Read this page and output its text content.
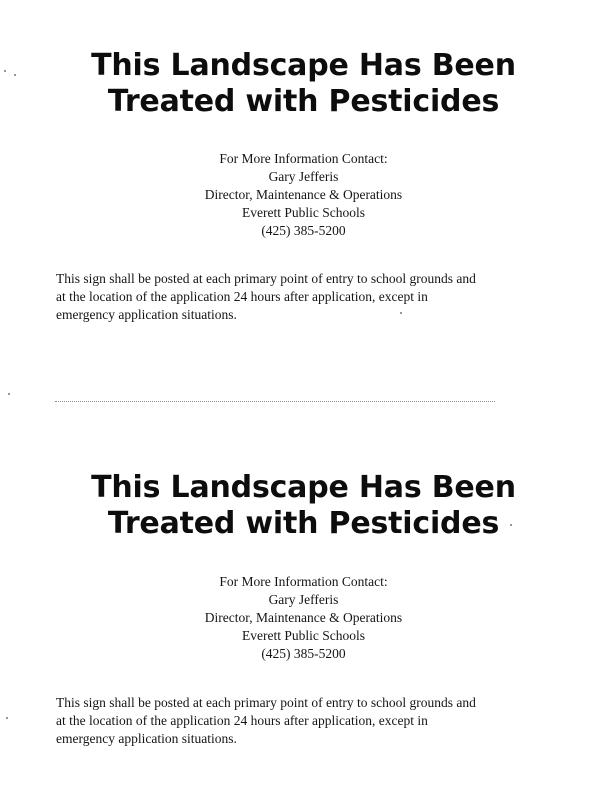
This Landscape Has Been

Treated with Pesticides

For More Information Contact:

Gary Jefferis

Director, Maintenance & Operations

Everett Public Schools

(425) 385-5200

This sign shall be posted at each primary point of entry to school grounds and
at the location of the application 24 hours after application, except in
emergency application situations.

This Landscape Has Been

Treated with Pesticides

For More Information Contact:

Gary Jefferis

Director, Maintenance & Operations

Everett Public Schools

(425) 385-5200

This sign shall be posted at each primary point of entry to school grounds and
at the location of the application 24 hours after application, except in
emergency application situations.
